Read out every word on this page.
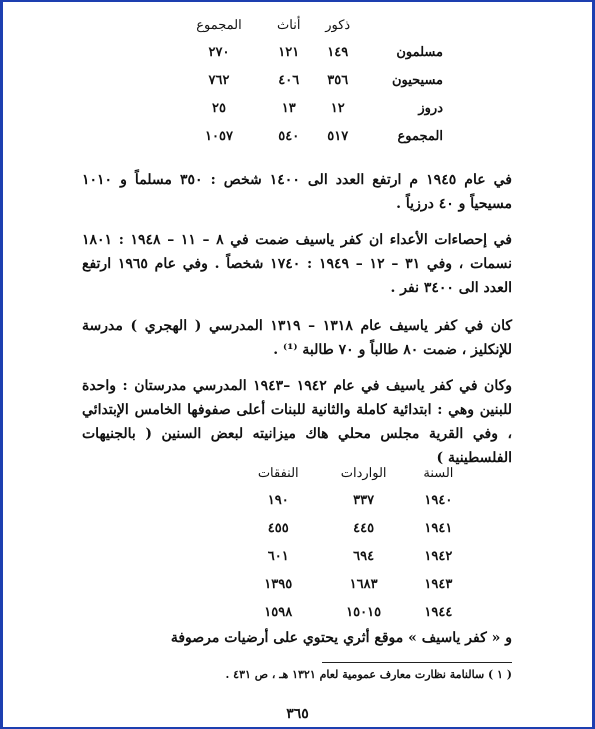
	ذكور	أناث	المجموع
مسلمون	١٤٩	١٢١	٢٧٠
مسيحيون	٣٥٦	٤٠٦	٧٦٢
دروز	١٢	١٣	٢٥
المجموع	٥١٧	٥٤٠	١٠٥٧

في عام ١٩٤٥ م ارتفع العدد الى ١٤٠٠ شخص : ٣٥٠ مسلماً و ١٠١٠ مسيحياً و ٤٠ درزياً .

في إحصاءات الأعداء ان كفر ياسيف ضمت في ٨ – ١١ – ١٩٤٨ : ١٨٠١ نسمات ، وفي ٣١ – ١٢ – ١٩٤٩ : ١٧٤٠ شخصاً . وفي عام ١٩٦٥ ارتفع العدد الى ٣٤٠٠ نفر .

كان في كفر ياسيف عام ١٣١٨ – ١٣١٩ المدرسي ( الهجري ) مدرسة للإنكليز ، ضمت ٨٠ طالباً و ٧٠ طالبة ⁽¹⁾ .

وكان في كفر ياسيف في عام ١٩٤٢ –١٩٤٣ المدرسي مدرستان : واحدة للبنين وهي : ابتدائية كاملة والثانية للبنات أعلى صفوفها الخامس الإبتدائي ، وفي القرية مجلس محلي هاك ميزانيته لبعض السنين ( بالجنيهات الفلسطينية )

السنة	الواردات	النفقات
١٩٤٠	٣٣٧	١٩٠
١٩٤١	٤٤٥	٤٥٥
١٩٤٢	٦٩٤	٦٠١
١٩٤٣	١٦٨٣	١٣٩٥
١٩٤٤	١٥٠١٥	١٥٩٨

و « كفر ياسيف » موقع أثري يحتوي على أرضيات مرصوفة

( ١ ) سالنامة نظارت معارف عمومية لعام ١٣٢١ هـ ، ص ٤٣١ .
٣٦٥
